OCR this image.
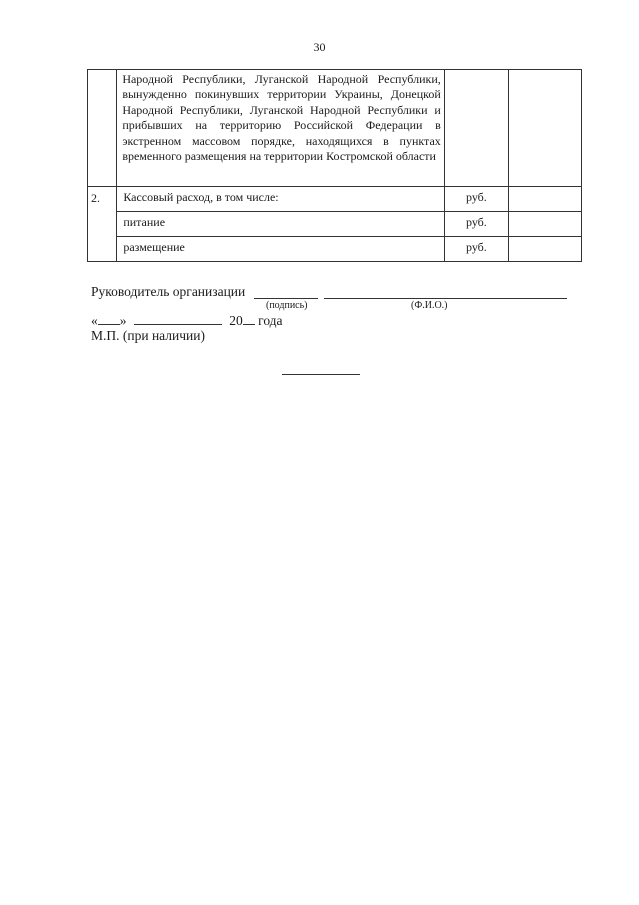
30
	Народной Республики, Луганской Народной Республики, вынужденно покинувших территории Украины, Донецкой Народной Республики, Луганской Народной Республики и прибывших на территорию Российской Федерации в экстренном массовом порядке, находящихся в пунктах временного размещения на территории Костромской области		
2.	Кассовый расход, в том числе:	руб.	
	питание	руб.	
	размещение	руб.	
Руководитель организации
(подпись)	(Ф.И.О.)
« »	20 года
М.П. (при наличии)
